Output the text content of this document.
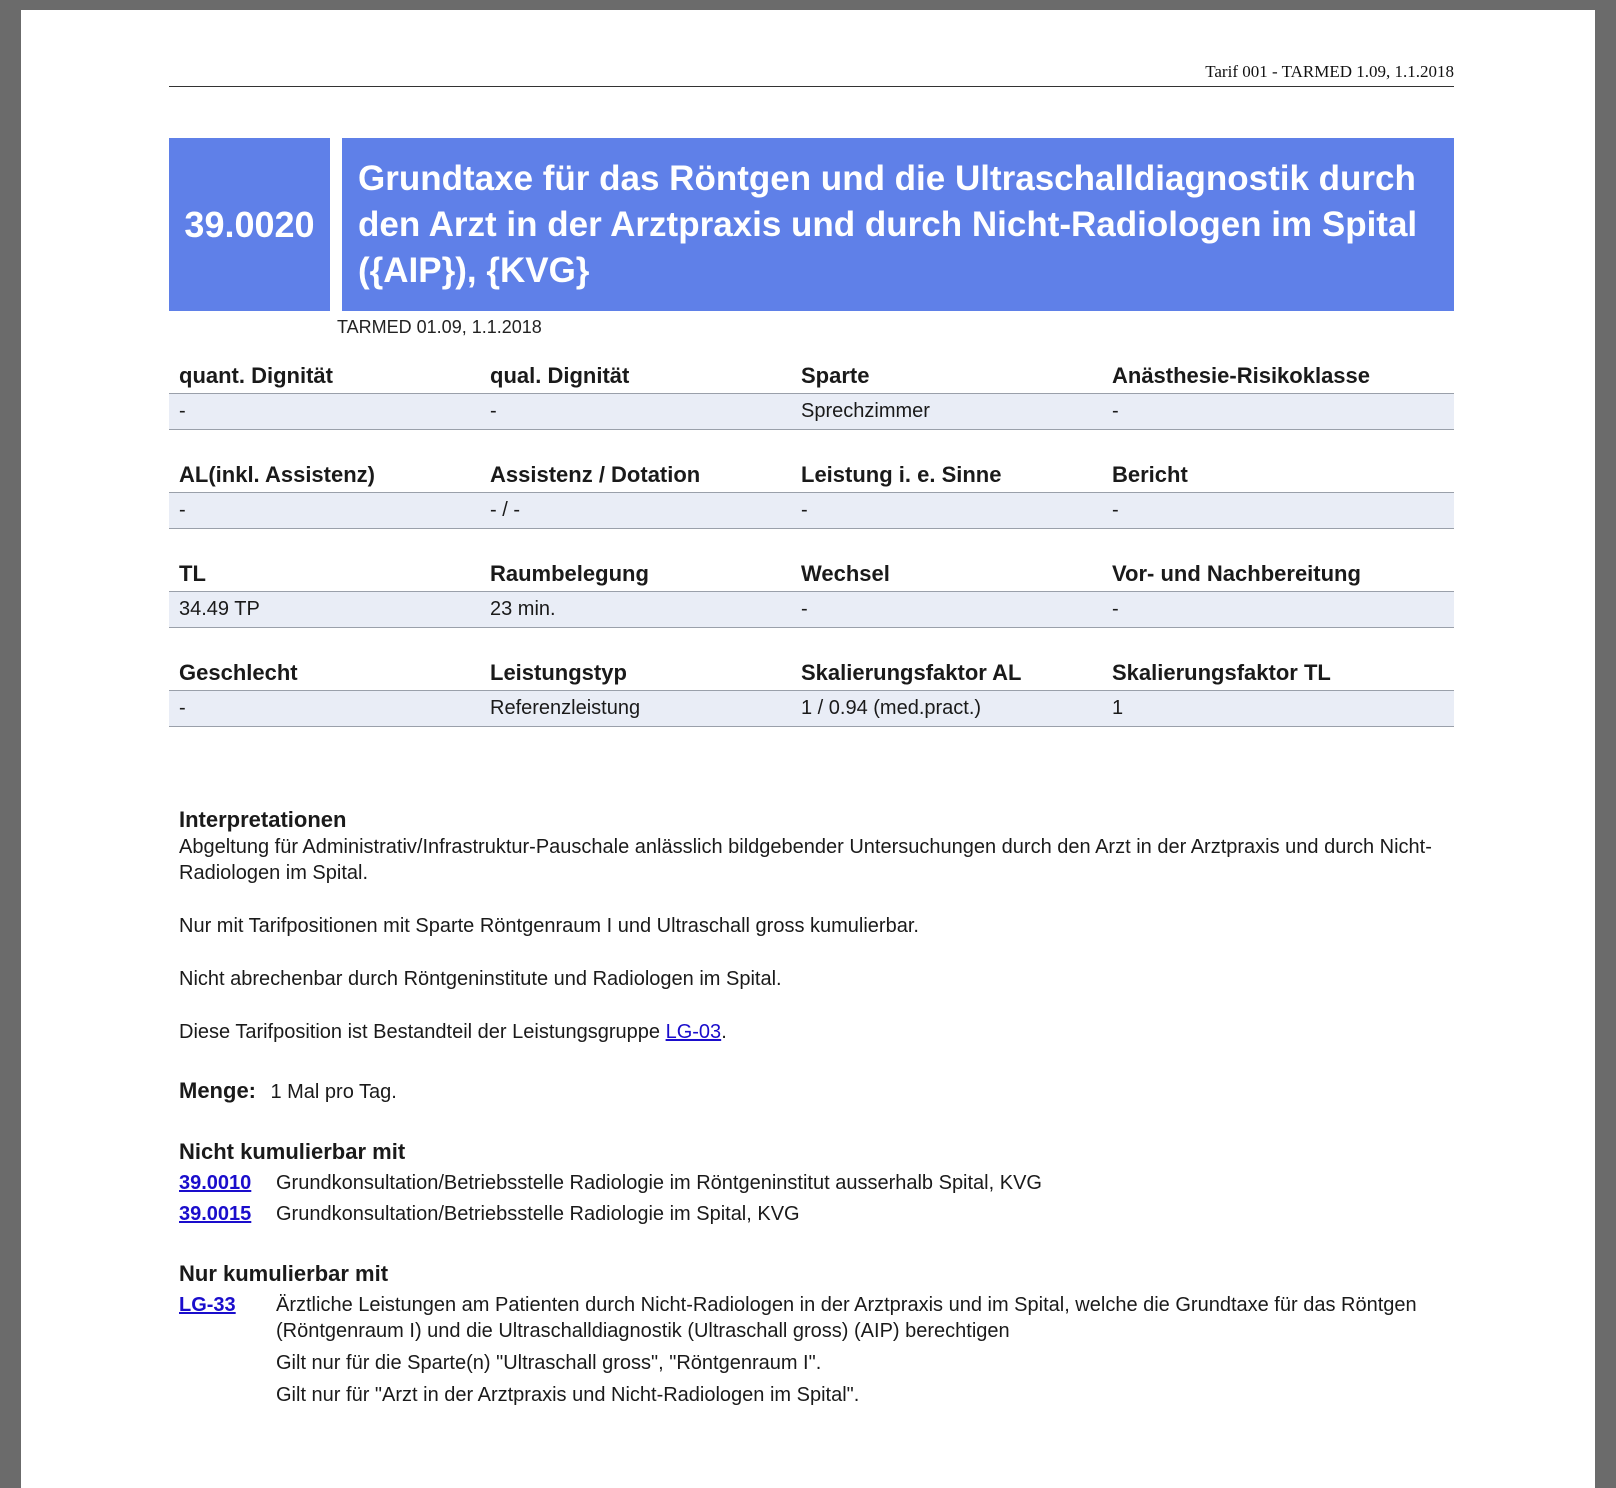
Tarif 001 - TARMED 1.09, 1.1.2018
39.0020
Grundtaxe für das Röntgen und die Ultraschalldiagnostik durch den Arzt in der Arztpraxis und durch Nicht-Radiologen im Spital ({AIP}), {KVG}
TARMED 01.09, 1.1.2018
quant. Dignität	qual. Dignität	Sparte	Anästhesie-Risikoklasse
-	-	Sprechzimmer	-
AL(inkl. Assistenz)	Assistenz / Dotation	Leistung i. e. Sinne	Bericht
-	- / -	-	-
TL	Raumbelegung	Wechsel	Vor- und Nachbereitung
34.49 TP	23 min.	-	-
Geschlecht	Leistungstyp	Skalierungsfaktor AL	Skalierungsfaktor TL
-	Referenzleistung	1 / 0.94 (med.pract.)	1
Interpretationen
Abgeltung für Administrativ/Infrastruktur-Pauschale anlässlich bildgebender Untersuchungen durch den Arzt in der Arztpraxis und durch Nicht-Radiologen im Spital.
Nur mit Tarifpositionen mit Sparte Röntgenraum I und Ultraschall gross kumulierbar.
Nicht abrechenbar durch Röntgeninstitute und Radiologen im Spital.
Diese Tarifposition ist Bestandteil der Leistungsgruppe LG-03.
Menge: 1 Mal pro Tag.
Nicht kumulierbar mit
39.0010 Grundkonsultation/Betriebsstelle Radiologie im Röntgeninstitut ausserhalb Spital, KVG
39.0015 Grundkonsultation/Betriebsstelle Radiologie im Spital, KVG
Nur kumulierbar mit
LG-33 Ärztliche Leistungen am Patienten durch Nicht-Radiologen in der Arztpraxis und im Spital, welche die Grundtaxe für das Röntgen (Röntgenraum I) und die Ultraschalldiagnostik (Ultraschall gross) (AIP) berechtigen
Gilt nur für die Sparte(n) "Ultraschall gross", "Röntgenraum I".
Gilt nur für "Arzt in der Arztpraxis und Nicht-Radiologen im Spital".
